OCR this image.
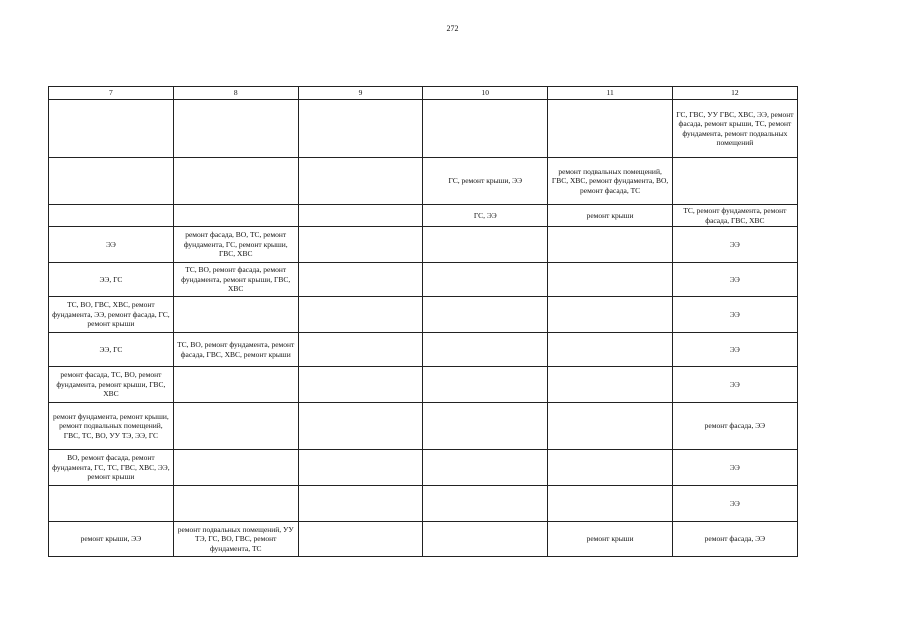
272
7	8	9	10	11	12
					ГС, ГВС, УУ ГВС, ХВС, ЭЭ, ремонт фасада, ремонт крыши, ТС, ремонт фундамента, ремонт подвальных помещений
			ГС, ремонт крыши, ЭЭ	ремонт подвальных помещений, ГВС, ХВС, ремонт фундамента, ВО, ремонт фасада, ТС	
			ГС, ЭЭ	ремонт крыши	ТС, ремонт фундамента, ремонт фасада, ГВС, ХВС
ЭЭ	ремонт фасада, ВО, ТС, ремонт фундамента, ГС, ремонт крыши, ГВС, ХВС				ЭЭ
ЭЭ, ГС	ТС, ВО, ремонт фасада, ремонт фундамента, ремонт крыши, ГВС, ХВС				ЭЭ
ТС, ВО, ГВС, ХВС, ремонт фундамента, ЭЭ, ремонт фасада, ГС, ремонт крыши					ЭЭ
ЭЭ, ГС	ТС, ВО, ремонт фундамента, ремонт фасада, ГВС, ХВС, ремонт крыши				ЭЭ
ремонт фасада, ТС, ВО, ремонт фундамента, ремонт крыши, ГВС, ХВС					ЭЭ
ремонт фундамента, ремонт крыши, ремонт подвальных помещений, ГВС, ТС, ВО, УУ ТЭ, ЭЭ, ГС					ремонт фасада, ЭЭ
ВО, ремонт фасада, ремонт фундамента, ГС, ТС, ГВС, ХВС, ЭЭ, ремонт крыши					ЭЭ
					ЭЭ
ремонт крыши, ЭЭ	ремонт подвальных помещений, УУ ТЭ, ГС, ВО, ГВС, ремонт фундамента, ТС			ремонт крыши	ремонт фасада, ЭЭ
